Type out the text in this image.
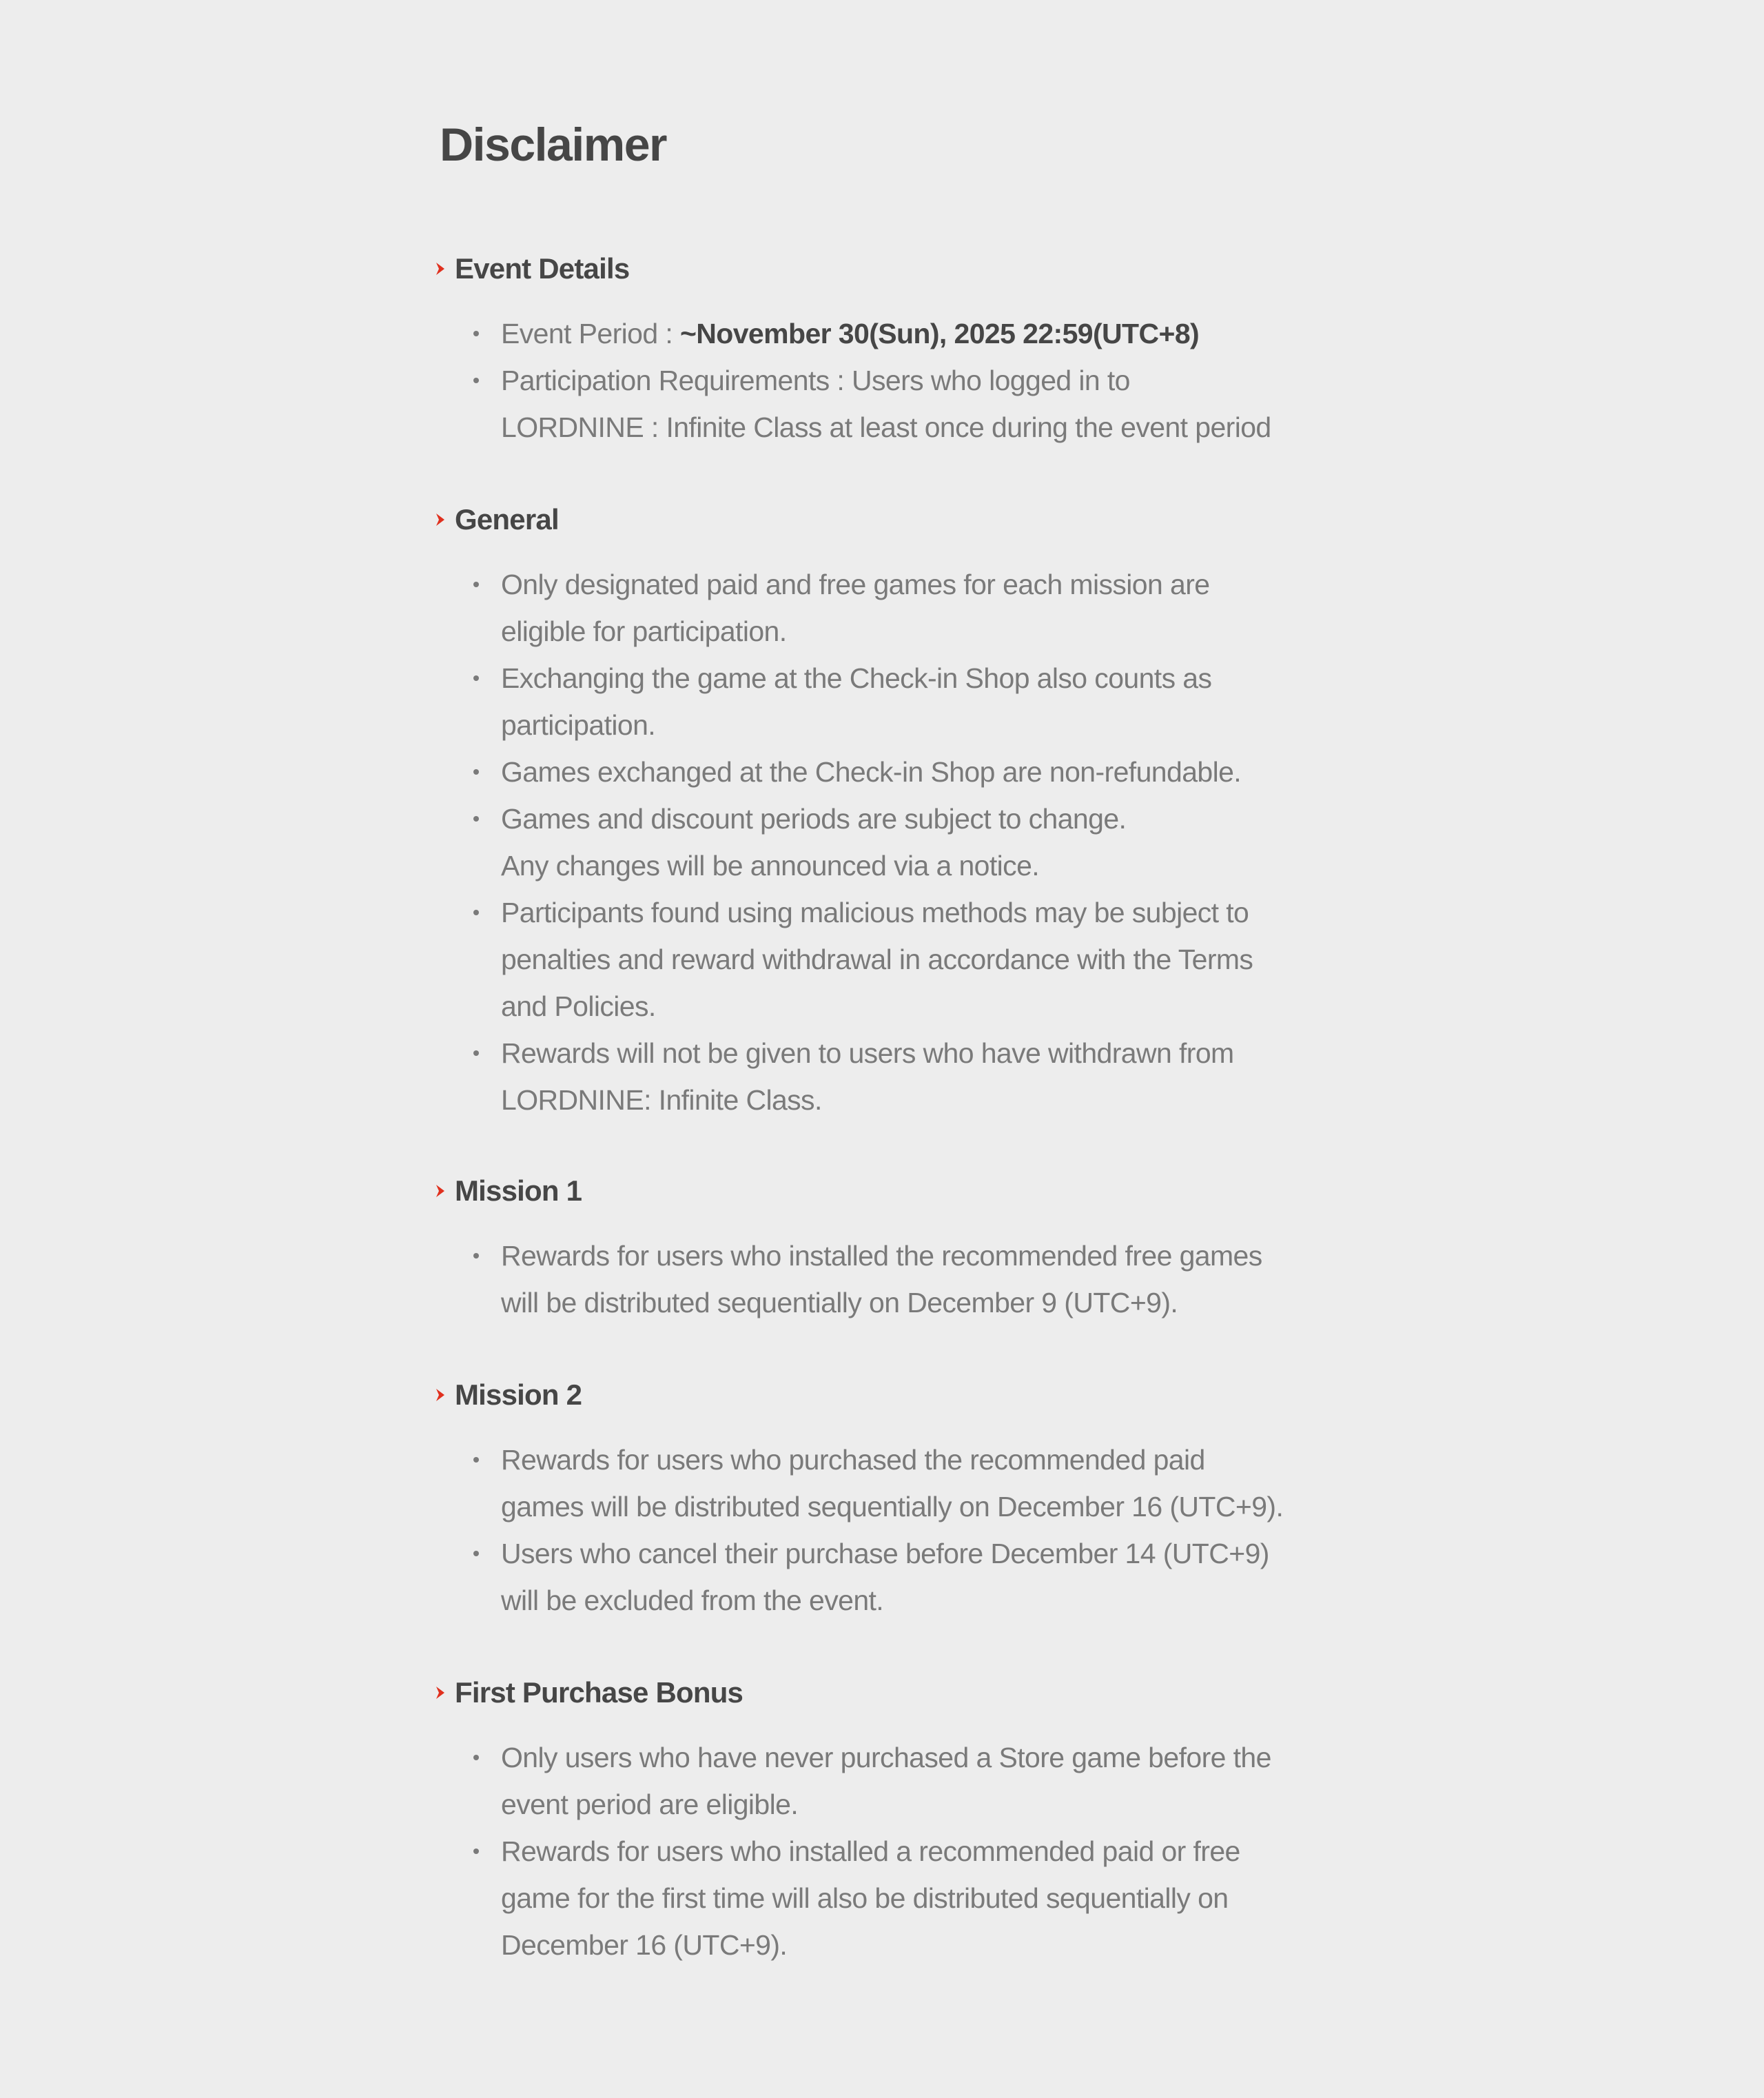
Disclaimer
Event Details
Event Period : ~November 30(Sun), 2025 22:59(UTC+8)
Participation Requirements : Users who logged in to
LORDNINE : Infinite Class at least once during the event period
General
Only designated paid and free games for each mission are
eligible for participation.
Exchanging the game at the Check-in Shop also counts as
participation.
Games exchanged at the Check-in Shop are non-refundable.
Games and discount periods are subject to change.
Any changes will be announced via a notice.
Participants found using malicious methods may be subject to
penalties and reward withdrawal in accordance with the Terms
and Policies.
Rewards will not be given to users who have withdrawn from
LORDNINE: Infinite Class.
Mission 1
Rewards for users who installed the recommended free games
will be distributed sequentially on December 9 (UTC+9).
Mission 2
Rewards for users who purchased the recommended paid
games will be distributed sequentially on December 16 (UTC+9).
Users who cancel their purchase before December 14 (UTC+9)
will be excluded from the event.
First Purchase Bonus
Only users who have never purchased a Store game before the
event period are eligible.
Rewards for users who installed a recommended paid or free
game for the first time will also be distributed sequentially on
December 16 (UTC+9).
